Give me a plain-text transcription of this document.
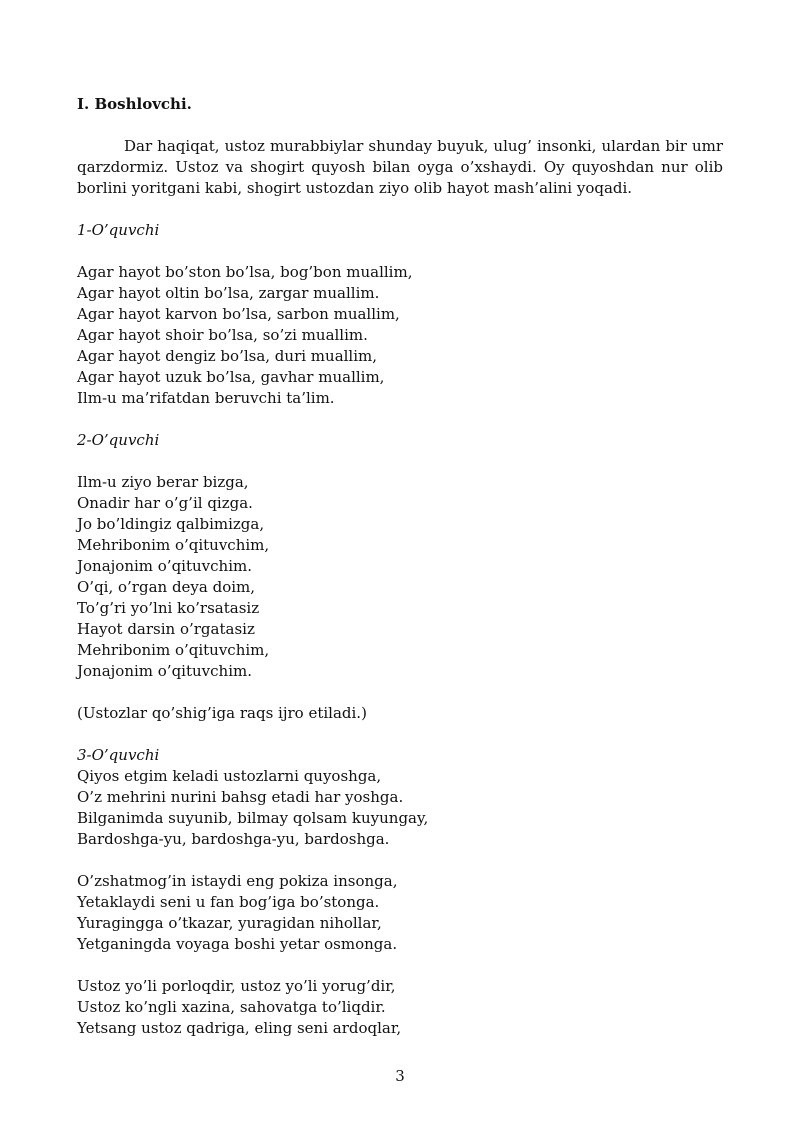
I. Boshlovchi.

Dar haqiqat, ustoz murabbiylar shunday buyuk, ulug’ insonki, ulardan bir umr qarzdormiz. Ustoz va shogirt quyosh bilan oyga o’xshaydi. Oy quyoshdan nur olib borlini yoritgani kabi, shogirt ustozdan ziyo olib hayot mash’alini yoqadi.

1-O’quvchi

Agar hayot bo’ston bo’lsa, bog’bon muallim,

Agar hayot oltin bo’lsa, zargar muallim.

Agar hayot karvon bo’lsa, sarbon muallim,

Agar hayot shoir bo’lsa, so’zi muallim.

Agar hayot dengiz bo’lsa, duri muallim,

Agar hayot uzuk bo’lsa, gavhar muallim,

Ilm-u ma’rifatdan beruvchi ta’lim.

2-O’quvchi

Ilm-u ziyo berar bizga,

Onadir har o’g’il qizga.

Jo bo’ldingiz qalbimizga,

Mehribonim o’qituvchim,

Jonajonim o’qituvchim.

O’qi, o’rgan deya doim,

To’g’ri yo’lni ko’rsatasiz

Hayot darsin o’rgatasiz

Mehribonim o’qituvchim,

Jonajonim o’qituvchim.

(Ustozlar qo’shig’iga raqs ijro etiladi.)

3-O’quvchi

Qiyos etgim keladi ustozlarni quyoshga,

O’z mehrini nurini bahsg etadi har yoshga.

Bilganimda suyunib, bilmay qolsam kuyungay,

Bardoshga-yu, bardoshga-yu, bardoshga.

O’zshatmog’in istaydi eng pokiza insonga,

Yetaklaydi seni u fan bog’iga bo’stonga.

Yuragingga o’tkazar, yuragidan nihollar,

Yetganingda voyaga boshi yetar osmonga.

Ustoz yo’li porloqdir, ustoz yo’li yorug’dir,

Ustoz ko’ngli xazina, sahovatga to’liqdir.

Yetsang ustoz qadriga, eling seni ardoqlar,

3
